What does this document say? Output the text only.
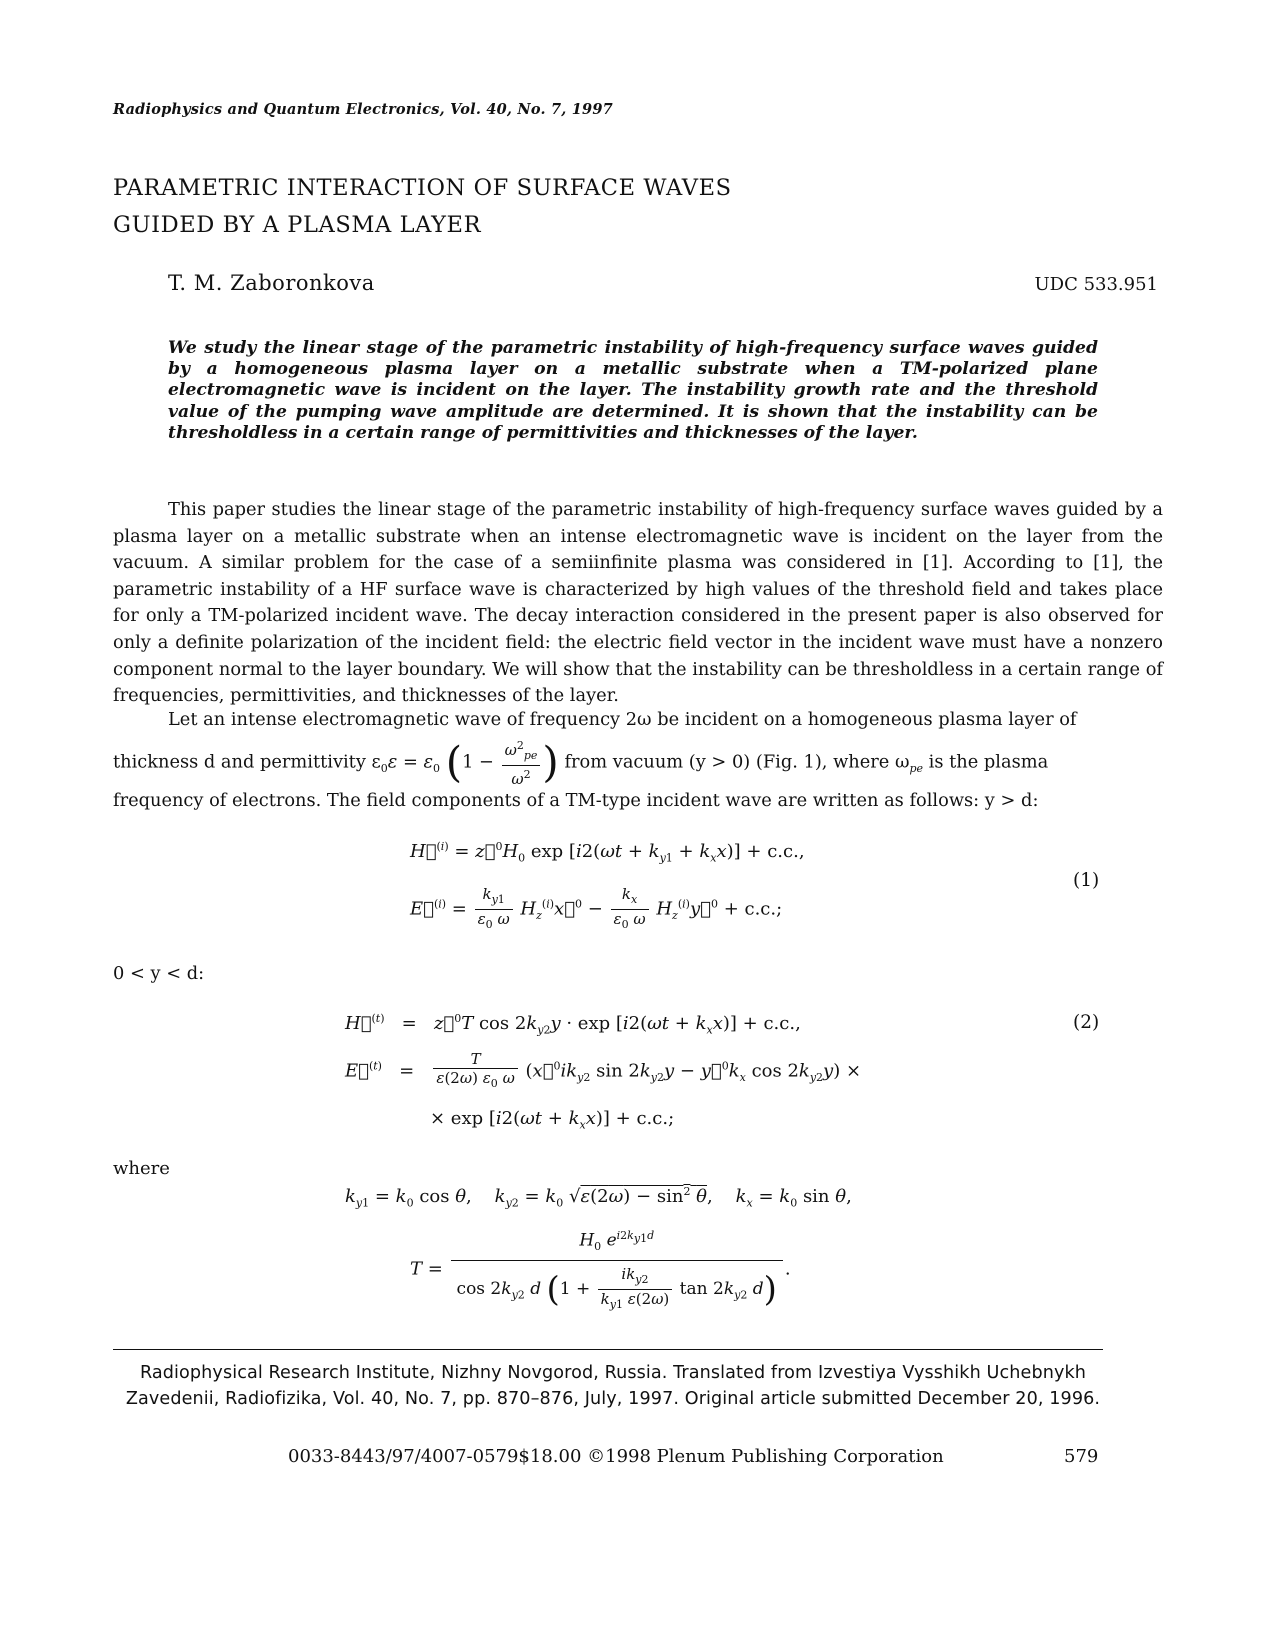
Radiophysics and Quantum Electronics, Vol. 40, No. 7, 1997
PARAMETRIC INTERACTION OF SURFACE WAVES
GUIDED BY A PLASMA LAYER
T. M. Zaboronkova	UDC 533.951
We study the linear stage of the parametric instability of high-frequency surface waves guided by a homogeneous plasma layer on a metallic substrate when a TM-polarized plane electromagnetic wave is incident on the layer. The instability growth rate and the threshold value of the pumping wave amplitude are determined. It is shown that the instability can be thresholdless in a certain range of permittivities and thicknesses of the layer.
This paper studies the linear stage of the parametric instability of high-frequency surface waves guided by a plasma layer on a metallic substrate when an intense electromagnetic wave is incident on the layer from the vacuum. A similar problem for the case of a semiinfinite plasma was considered in [1]. According to [1], the parametric instability of a HF surface wave is characterized by high values of the threshold field and takes place for only a TM-polarized incident wave. The decay interaction considered in the present paper is also observed for only a definite polarization of the incident field: the electric field vector in the incident wave must have a nonzero component normal to the layer boundary. We will show that the instability can be thresholdless in a certain range of frequencies, permittivities, and thicknesses of the layer.
Let an intense electromagnetic wave of frequency 2ω be incident on a homogeneous plasma layer of
thickness d and permittivity $\varepsilon_0\varepsilon = \varepsilon_0$ ($1 - \frac{\omega^2_{pe}}{\omega^2}$ ) from vacuum (y > 0) (Fig. 1), where $\omega_{pe}$ is the plasma
frequency of electrons. The field components of a TM-type incident wave are written as follows: y > d:
H⃗$^{(i)}$ = $z⃗^0H_0$ $\exp [i2(\omega t + k_{y1} + k_xx)] + c.c$.,
E⃗$^{(i)}$ = $\frac{k_{y1}}{\varepsilon_0 \omega}$ $H_z^{(i)}x⃗^0 - \frac{k_x}{\varepsilon_0 \omega}$ $H_z^{(i)}y⃗^0 + c.c$.;
(1)
0 < y < d:
H⃗$^{(t)}$   =   z⃗$^0$T $\cos 2k_{y2}y \cdot \exp [i2(\omega t + k_xx)] + c.c$.,
E⃗$^{(t)}$   = $\frac{T}{\varepsilon(2\omega) \varepsilon_0 \omega}$ ($x⃗^0ik_{y2}$ $\sin 2k_{y2}y$ − $y⃗^0k_x$ $\cos 2k_{y2}y$) ×
× $\exp [i2(\omega t + k_xx)] + c.c$.;
(2)
where
$k_{y1} = k_0$ cos θ,    $k_{y2} = k_0$ $√\varepsilon(2\omega) - \sin^2 \theta$,    $k_x = k_0$ sin θ,
$T = \frac{H_0 e^{i2k_{y1}d}}{\cos 2k_{y2} d (1 + \frac{ik_{y2}}{k_{y1} \varepsilon(2\omega)} \tan 2k_{y2} d)}$ .
Radiophysical Research Institute, Nizhny Novgorod, Russia. Translated from Izvestiya Vysshikh Uchebnykh Zavedenii, Radiofizika, Vol. 40, No. 7, pp. 870–876, July, 1997. Original article submitted December 20, 1996.
0033-8443/97/4007-0579$18.00 ©1998 Plenum Publishing Corporation	579
